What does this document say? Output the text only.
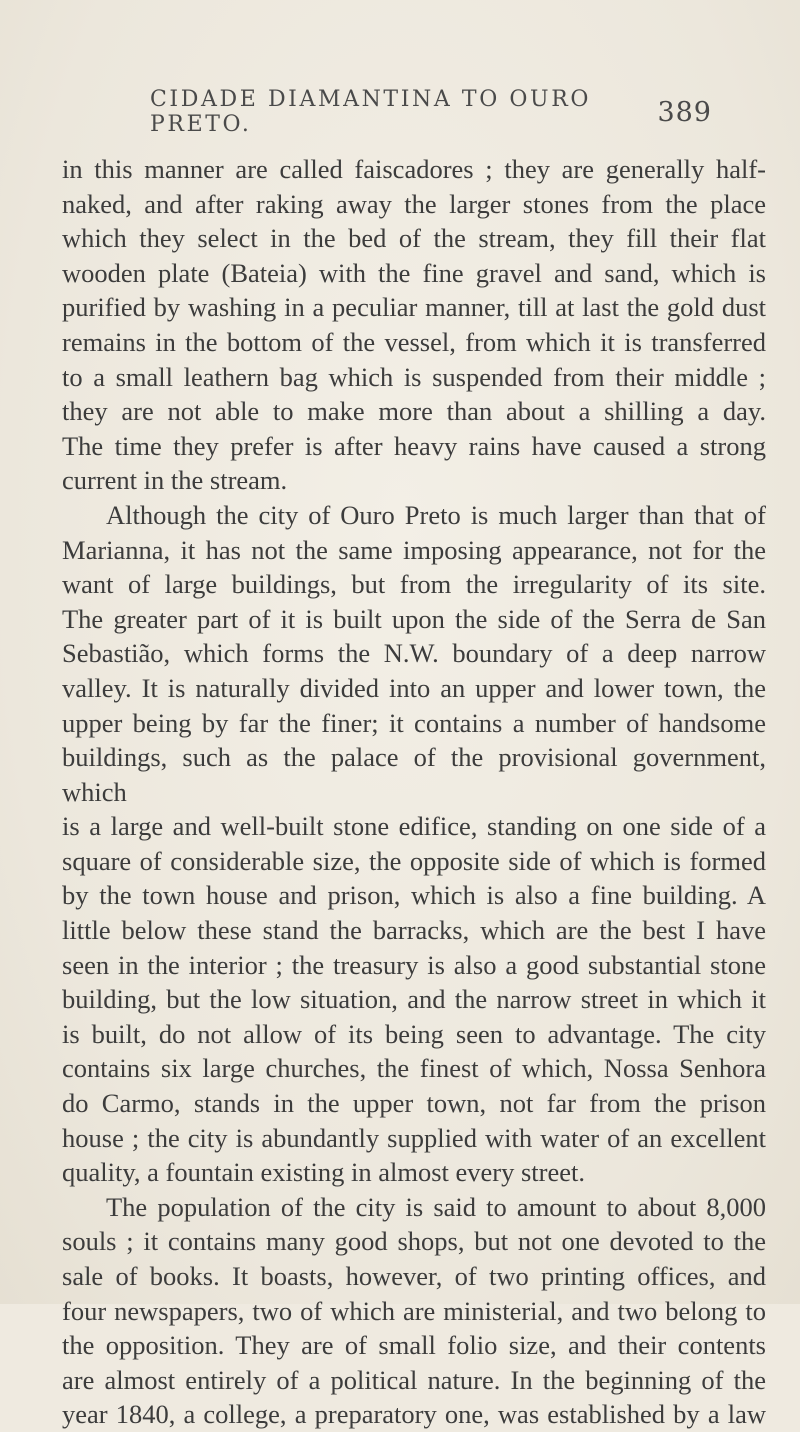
CIDADE DIAMANTINA TO OURO PRETO.	389

in this manner are called faiscadores ; they are generally half-

naked, and after raking away the larger stones from the place

which they select in the bed of the stream, they fill their flat

wooden plate (Bateia) with the fine gravel and sand, which is

purified by washing in a peculiar manner, till at last the gold dust

remains in the bottom of the vessel, from which it is transferred

to a small leathern bag which is suspended from their middle ;

they are not able to make more than about a shilling a day.

The time they prefer is after heavy rains have caused a strong

current in the stream.

Although the city of Ouro Preto is much larger than that of

Marianna, it has not the same imposing appearance, not for the

want of large buildings, but from the irregularity of its site.

The greater part of it is built upon the side of the Serra de San

Sebastião, which forms the N.W. boundary of a deep narrow

valley. It is naturally divided into an upper and lower town, the

upper being by far the finer; it contains a number of handsome

buildings, such as the palace of the provisional government, which

is a large and well-built stone edifice, standing on one side of a

square of considerable size, the opposite side of which is formed

by the town house and prison, which is also a fine building. A

little below these stand the barracks, which are the best I have

seen in the interior ; the treasury is also a good substantial stone

building, but the low situation, and the narrow street in which it

is built, do not allow of its being seen to advantage. The city

contains six large churches, the finest of which, Nossa Senhora

do Carmo, stands in the upper town, not far from the prison

house ; the city is abundantly supplied with water of an excellent

quality, a fountain existing in almost every street.

The population of the city is said to amount to about 8,000

souls ; it contains many good shops, but not one devoted to the

sale of books. It boasts, however, of two printing offices, and

four newspapers, two of which are ministerial, and two belong to

the opposition. They are of small folio size, and their contents

are almost entirely of a political nature. In the beginning of the

year 1840, a college, a preparatory one, was established by a law
